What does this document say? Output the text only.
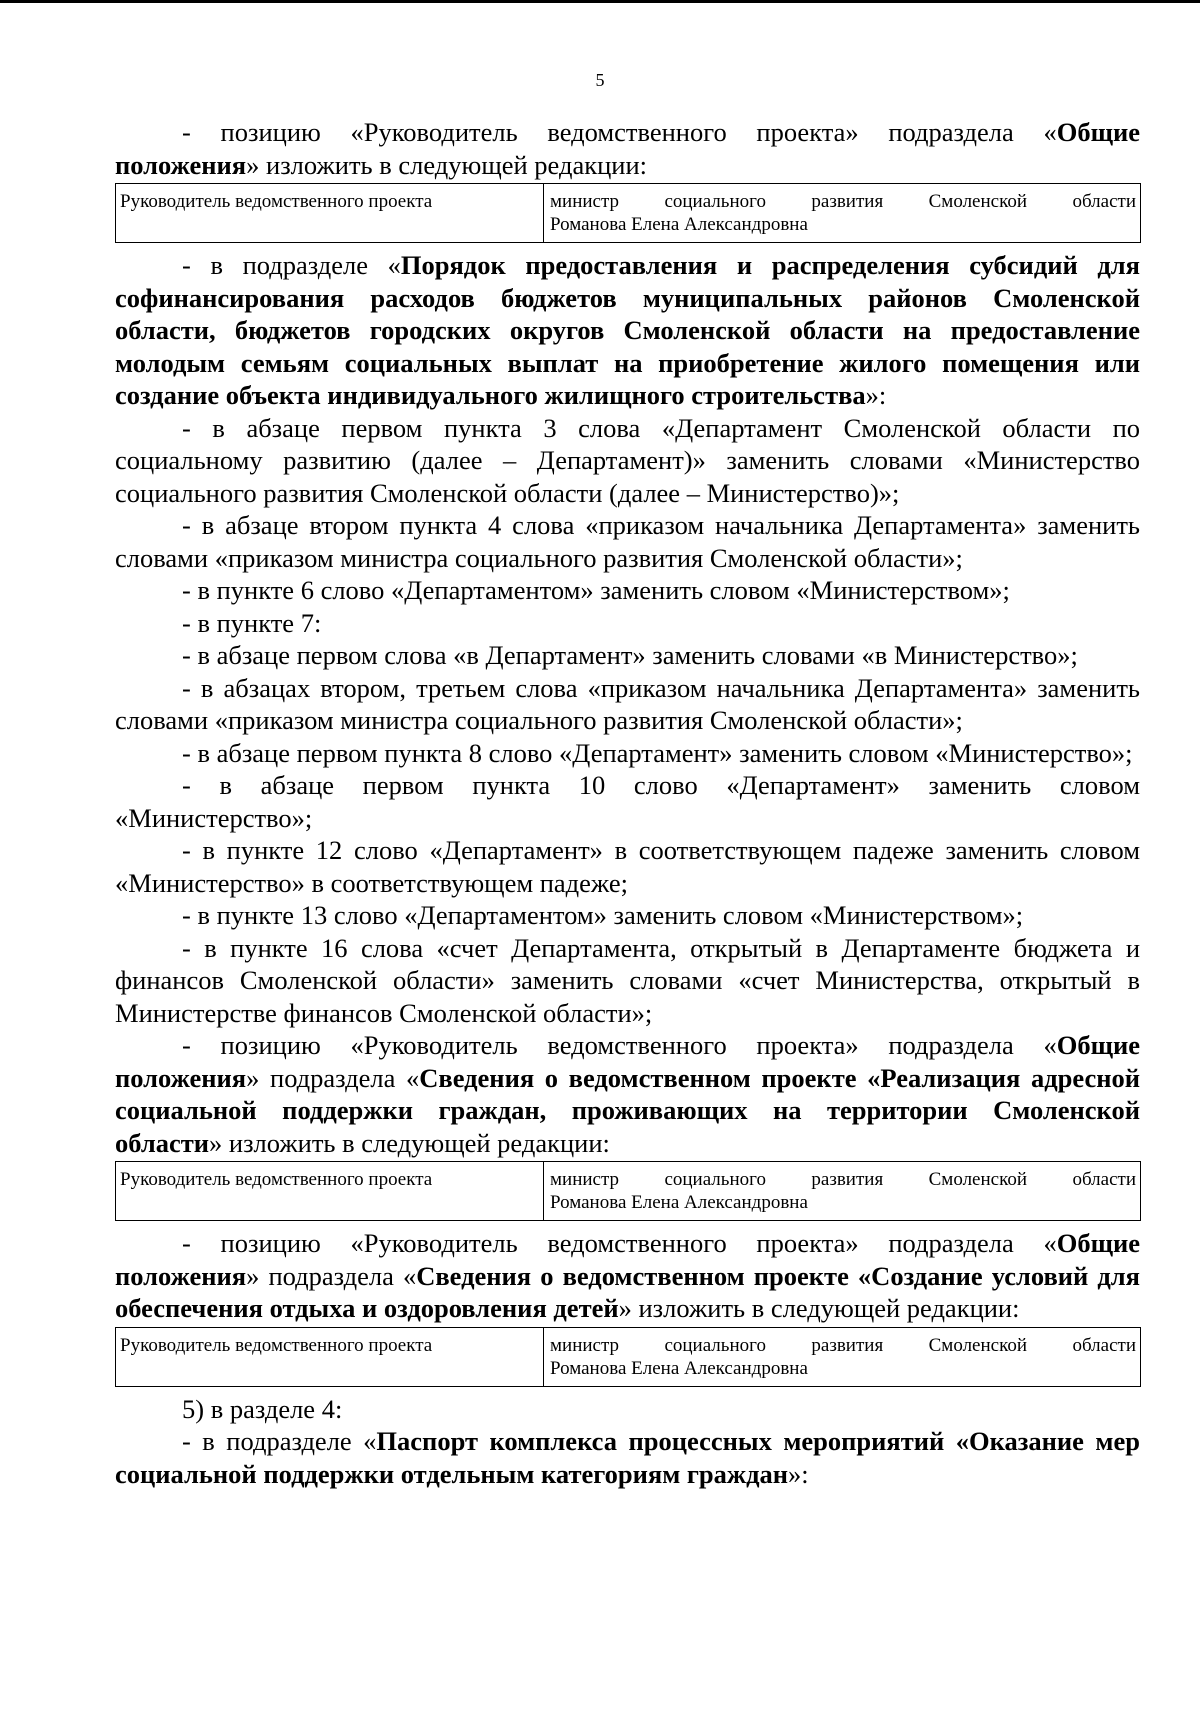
5

- позицию «Руководитель ведомственного проекта» подраздела «Общие положения» изложить в следующей редакции:

Руководитель ведомственного проекта	министр социального развития Смоленской области
Романова Елена Александровна

- в подразделе «Порядок предоставления и распределения субсидий для софинансирования расходов бюджетов муниципальных районов Смоленской области, бюджетов городских округов Смоленской области на предоставление молодым семьям социальных выплат на приобретение жилого помещения или создание объекта индивидуального жилищного строительства»:

- в абзаце первом пункта 3 слова «Департамент Смоленской области по социальному развитию (далее – Департамент)» заменить словами «Министерство социального развития Смоленской области (далее – Министерство)»;

- в абзаце втором пункта 4 слова «приказом начальника Департамента» заменить словами «приказом министра социального развития Смоленской области»;

- в пункте 6 слово «Департаментом» заменить словом «Министерством»;

- в пункте 7:

- в абзаце первом слова «в Департамент» заменить словами «в Министерство»;

- в абзацах втором, третьем слова «приказом начальника Департамента» заменить словами «приказом министра социального развития Смоленской области»;

- в абзаце первом пункта 8 слово «Департамент» заменить словом «Министерство»;

- в абзаце первом пункта 10 слово «Департамент» заменить словом «Министерство»;

- в пункте 12 слово «Департамент» в соответствующем падеже заменить словом «Министерство» в соответствующем падеже;

- в пункте 13 слово «Департаментом» заменить словом «Министерством»;

- в пункте 16 слова «счет Департамента, открытый в Департаменте бюджета и финансов Смоленской области» заменить словами «счет Министерства, открытый в Министерстве финансов Смоленской области»;

- позицию «Руководитель ведомственного проекта» подраздела «Общие положения» подраздела «Сведения о ведомственном проекте «Реализация адресной социальной поддержки граждан, проживающих на территории Смоленской области» изложить в следующей редакции:

Руководитель ведомственного проекта	министр социального развития Смоленской области
Романова Елена Александровна

- позицию «Руководитель ведомственного проекта» подраздела «Общие положения» подраздела «Сведения о ведомственном проекте «Создание условий для обеспечения отдыха и оздоровления детей» изложить в следующей редакции:

Руководитель ведомственного проекта	министр социального развития Смоленской области
Романова Елена Александровна

5) в разделе 4:

- в подразделе «Паспорт комплекса процессных мероприятий «Оказание мер социальной поддержки отдельным категориям граждан»:
